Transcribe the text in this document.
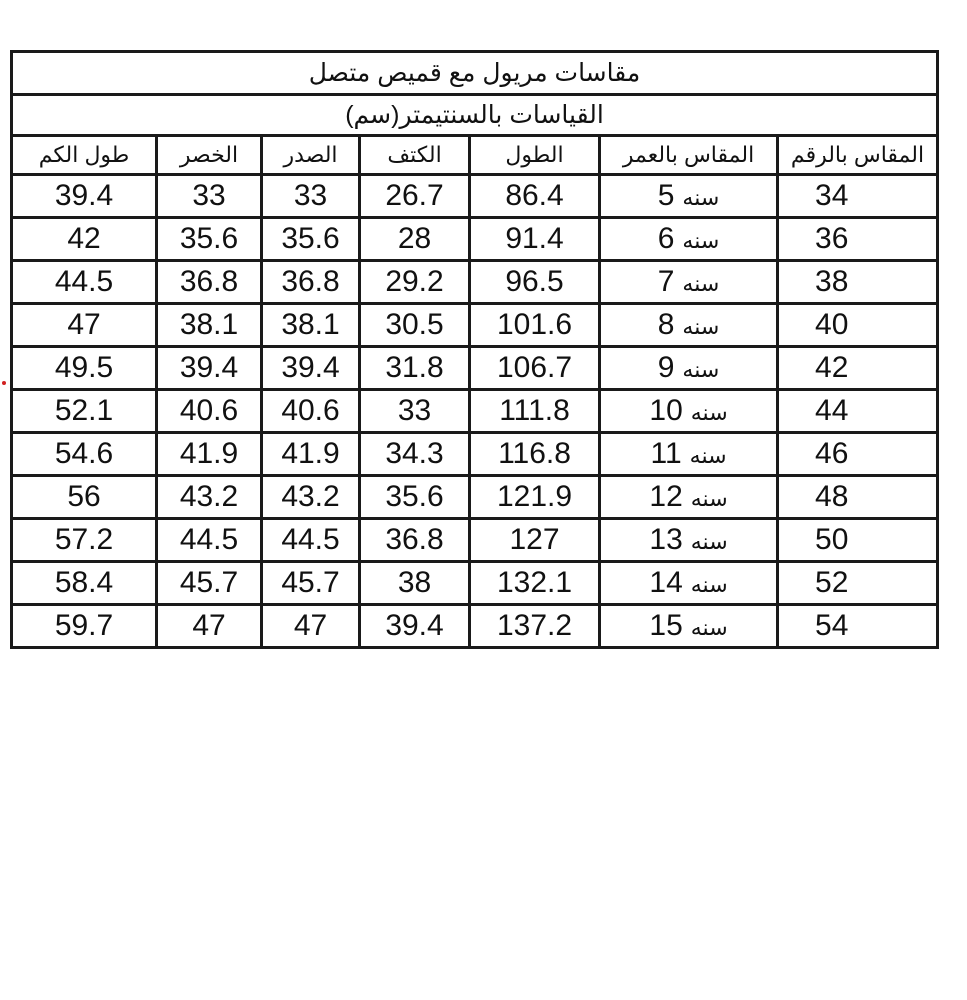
مقاسات مريول مع قميص متصل						
القياسات بالسنتيمتر(سم)						
المقاس بالرقم	المقاس بالعمر	الطول	الكتف	الصدر	الخصر	طول الكم
34	سنه5	86.4	26.7	33	33	39.4
36	سنه6	91.4	28	35.6	35.6	42
38	سنه7	96.5	29.2	36.8	36.8	44.5
40	سنه8	101.6	30.5	38.1	38.1	47
42	سنه9	106.7	31.8	39.4	39.4	49.5
44	سنه10	111.8	33	40.6	40.6	52.1
46	سنه11	116.8	34.3	41.9	41.9	54.6
48	سنه12	121.9	35.6	43.2	43.2	56
50	سنه13	127	36.8	44.5	44.5	57.2
52	سنه14	132.1	38	45.7	45.7	58.4
54	سنه15	137.2	39.4	47	47	59.7
